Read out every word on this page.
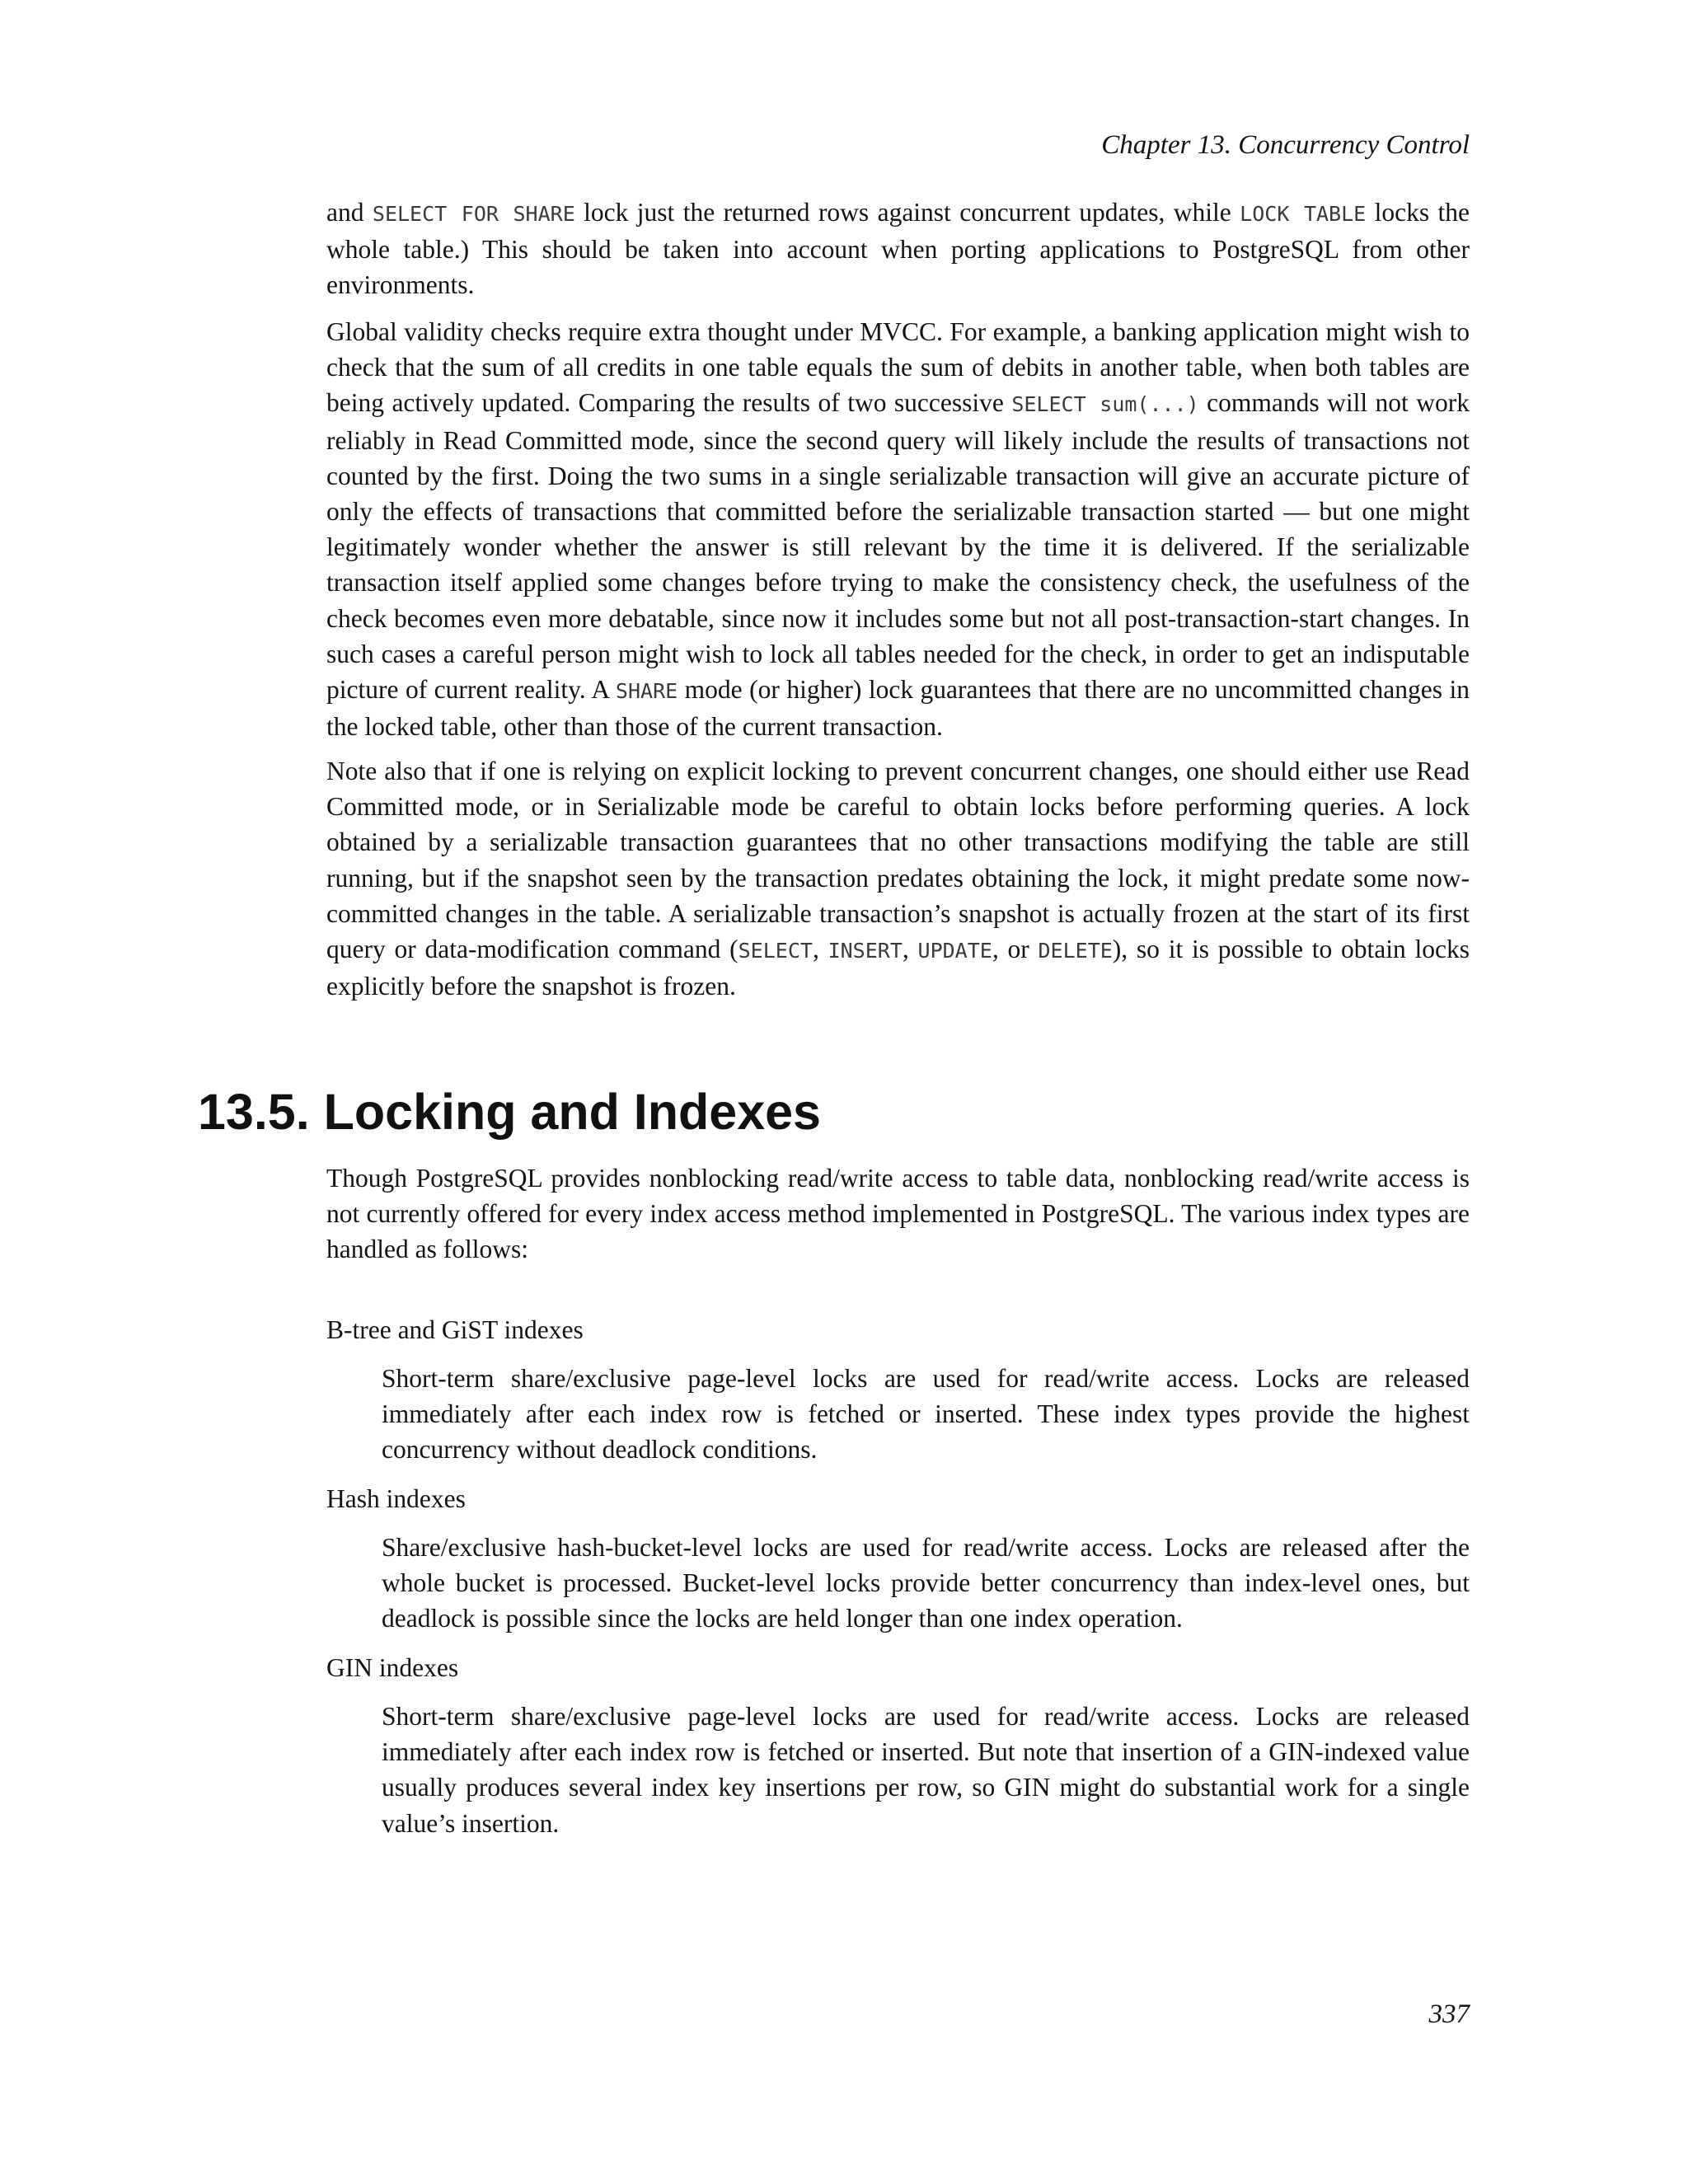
Chapter 13. Concurrency Control

and SELECT FOR SHARE lock just the returned rows against concurrent updates, while LOCK TABLE locks the whole table.) This should be taken into account when porting applications to PostgreSQL from other environments.

Global validity checks require extra thought under MVCC. For example, a banking application might wish to check that the sum of all credits in one table equals the sum of debits in another table, when both tables are being actively updated. Comparing the results of two successive SELECT sum(...) commands will not work reliably in Read Committed mode, since the second query will likely include the results of transactions not counted by the first. Doing the two sums in a single serializable transaction will give an accurate picture of only the effects of transactions that committed before the serializable transaction started — but one might legitimately wonder whether the answer is still relevant by the time it is delivered. If the serializable transaction itself applied some changes before trying to make the consistency check, the usefulness of the check becomes even more debatable, since now it includes some but not all post-transaction-start changes. In such cases a careful person might wish to lock all tables needed for the check, in order to get an indisputable picture of current reality. A SHARE mode (or higher) lock guarantees that there are no uncommitted changes in the locked table, other than those of the current transaction.

Note also that if one is relying on explicit locking to prevent concurrent changes, one should either use Read Committed mode, or in Serializable mode be careful to obtain locks before performing queries. A lock obtained by a serializable transaction guarantees that no other transactions modifying the table are still running, but if the snapshot seen by the transaction predates obtaining the lock, it might predate some now-committed changes in the table. A serializable transaction’s snapshot is actually frozen at the start of its first query or data-modification command (SELECT, INSERT, UPDATE, or DELETE), so it is possible to obtain locks explicitly before the snapshot is frozen.

13.5. Locking and Indexes

Though PostgreSQL provides nonblocking read/write access to table data, nonblocking read/write access is not currently offered for every index access method implemented in PostgreSQL. The various index types are handled as follows:

B-tree and GiST indexes

Short-term share/exclusive page-level locks are used for read/write access. Locks are released immediately after each index row is fetched or inserted. These index types provide the highest concurrency without deadlock conditions.

Hash indexes

Share/exclusive hash-bucket-level locks are used for read/write access. Locks are released after the whole bucket is processed. Bucket-level locks provide better concurrency than index-level ones, but deadlock is possible since the locks are held longer than one index operation.

GIN indexes

Short-term share/exclusive page-level locks are used for read/write access. Locks are released immediately after each index row is fetched or inserted. But note that insertion of a GIN-indexed value usually produces several index key insertions per row, so GIN might do substantial work for a single value’s insertion.

337
